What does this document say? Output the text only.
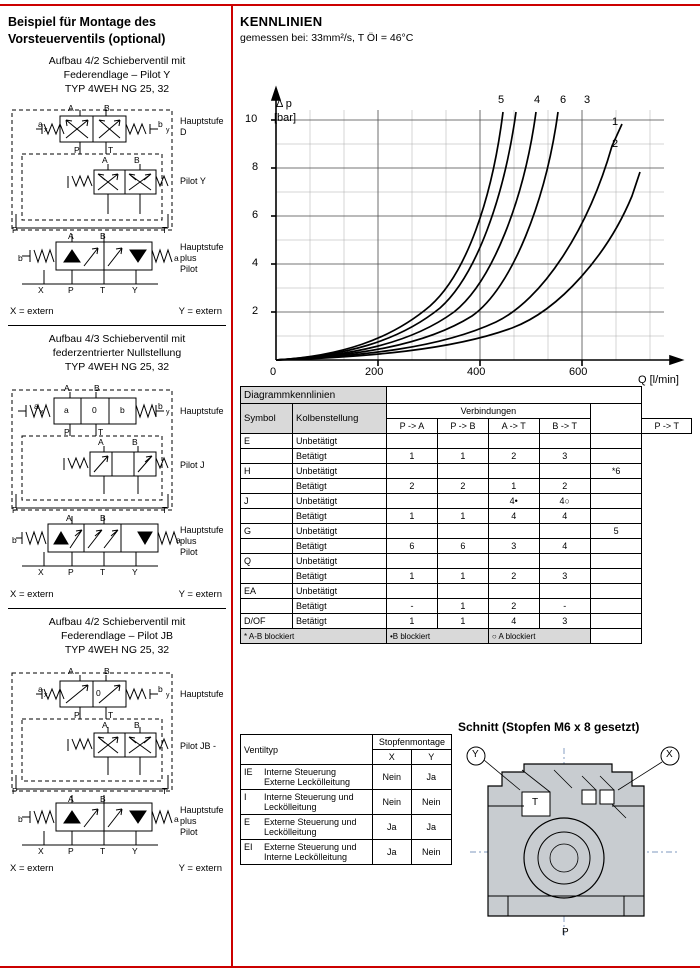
Beispiel für Montage des
Vorsteuerventils (optional)
Aufbau 4/2 Schieberventil mit
Federendlage – Pilot Y
TYP 4WEH NG 25, 32
A	B
a
x
b
y
P	T
A	B
P	T
A	B
b	a
X	P	T	Y
Hauptstufe
D
Pilot Y
Hauptstufe
plus
Pilot
X = extern	Y = extern
Aufbau 4/3 Schieberventil mit
federzentrierter Nullstellung
TYP 4WEH NG 25, 32
A	B
a
x
b
y
a	0	b
P	T
A	B
P	T
A	B
b	a
X	P	T	Y
Hauptstufe
Pilot J
Hauptstufe
plus
Pilot
X = extern	Y = extern
Aufbau 4/2 Schieberventil mit
Federendlage – Pilot JB
TYP 4WEH NG 25, 32
A	B
a
x
b
y
0
P	T
A	B
P	T
A	B
b	a
X	P	T	Y
Hauptstufe
Pilot JB -
Hauptstufe
plus
Pilot
X = extern	Y = extern
KENNLINIEN
gemessen bei: 33mm²/s, T ÖI = 46°C
Δ p
[bar]
2
4
6
8
10
0	200	400	600
Q [l/min]
5	4 6 3
1
2
Diagrammkennlinien							
Symbol	Kolbenstellung	Verbindungen					
		P -> A	P -> B	A -> T	B -> T		P -> T
E	Unbetätigt						
	Betätigt	1	1	2	3		
H	Unbetätigt					*6	
	Betätigt	2	2	1	2		
J	Unbetätigt			4•	4○		
	Betätigt	1	1	4	4		
G	Unbetätigt					5	
	Betätigt	6	6	3	4		
Q	Unbetätigt						
	Betätigt	1	1	2	3		
EA	Unbetätigt						
	Betätigt	-	1	2	-		
D/OF	Betätigt	1	1	4	3		
* A-B blockiert		•B blockiert		○ A blockiert			
Ventiltyp	Stopfenmontage	
	X	Y
IE Interne Steuerung
Externe Leckölleitung	Nein	Ja
I Interne Steuerung und
Leckölleitung	Nein	Nein
E Externe Steuerung und
Leckölleitung	Ja	Ja
EI Externe Steuerung und
Interne Leckölleitung	Ja	Nein
Schnitt (Stopfen M6 x 8 gesetzt)
Y	X
T
P
